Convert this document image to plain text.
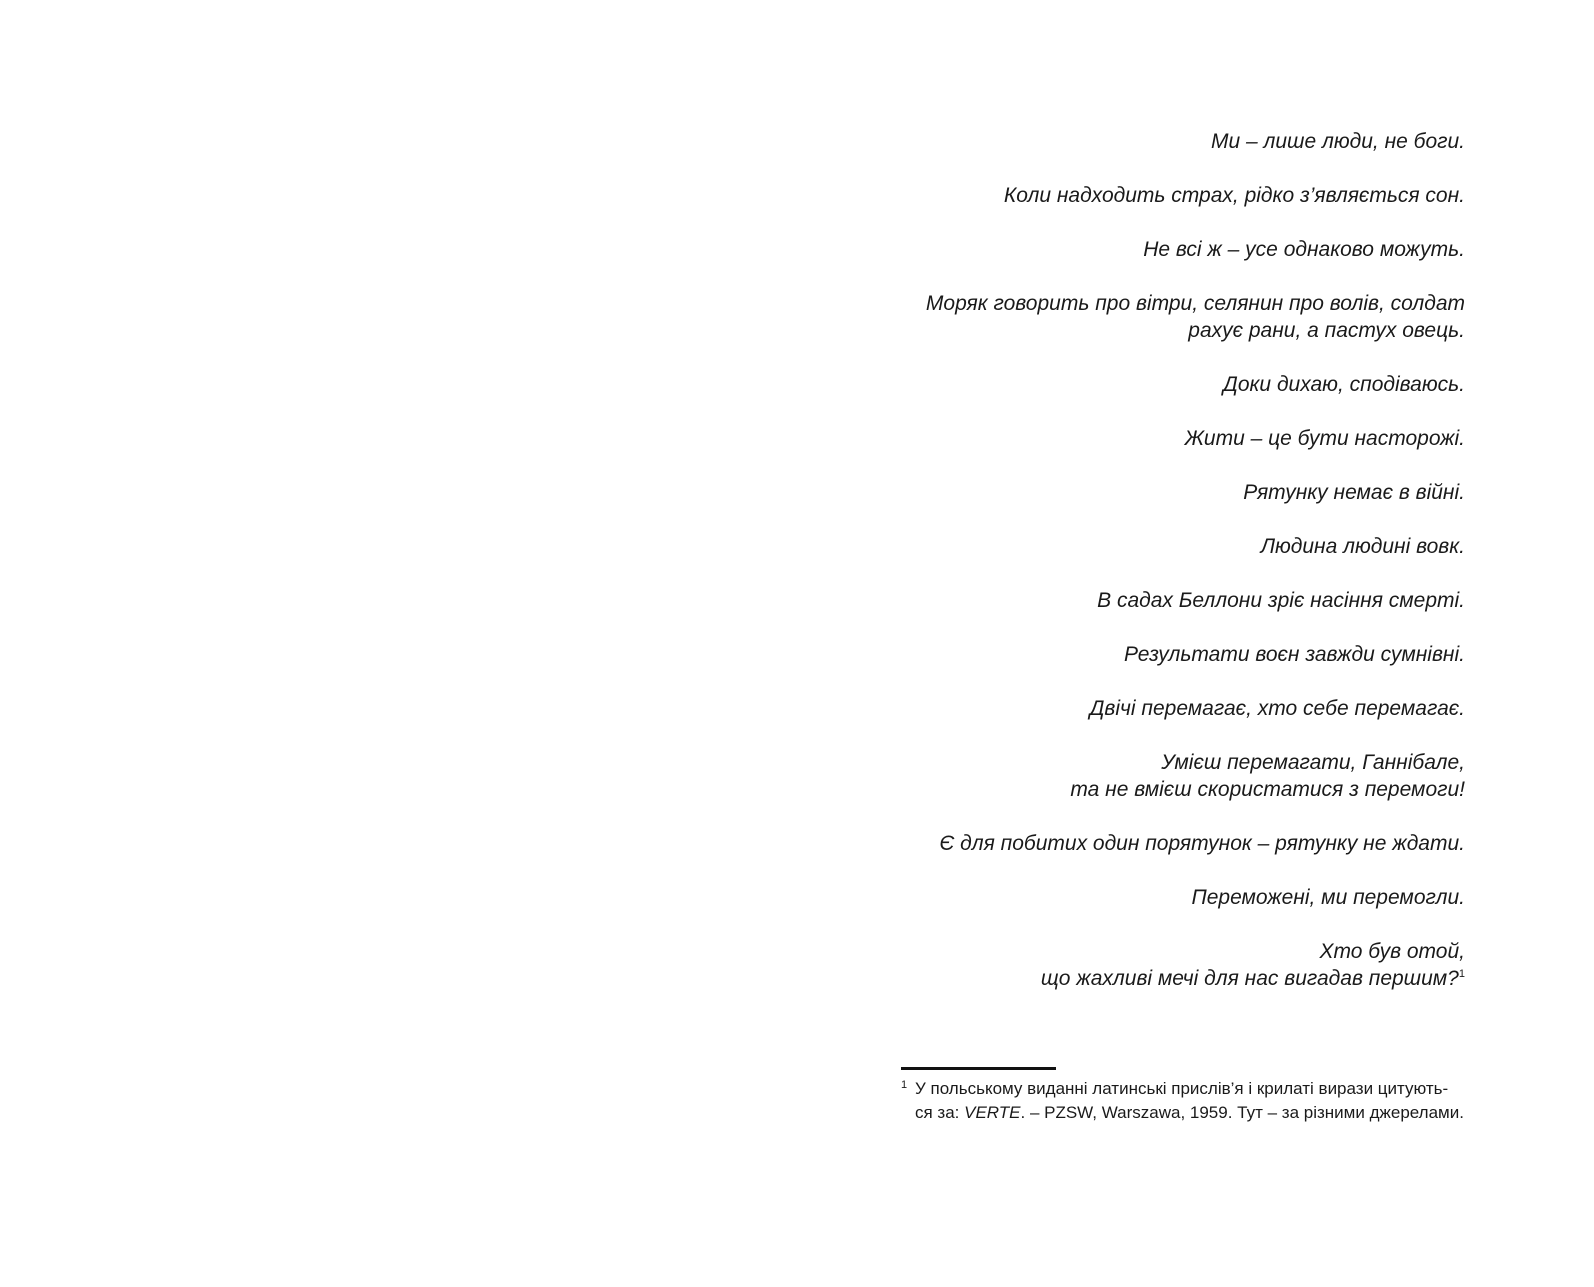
Ми – лише люди, не боги.
Коли надходить страх, рідко з’являється сон.
Не всі ж – усе однаково можуть.
Моряк говорить про вітри, селянин про волів, солдат
рахує рани, а пастух овець.
Доки дихаю, сподіваюсь.
Жити – це бути насторожі.
Рятунку немає в війні.
Людина людині вовк.
В садах Беллони зріє насіння смерті.
Результати воєн завжди сумнівні.
Двічі перемагає, хто себе перемагає.
Умієш перемагати, Ганнібале,
та не вмієш скористатися з перемоги!
Є для побитих один порятунок – рятунку не ждати.
Переможені, ми перемогли.
Хто був отой,
що жахливі мечі для нас вигадав першим?$^1$
1 У польському виданні латинські прислів’я і крилаті вирази цитують-
ся за: VERTE. – PZSW, Warszawa, 1959. Тут – за різними джерелами.
